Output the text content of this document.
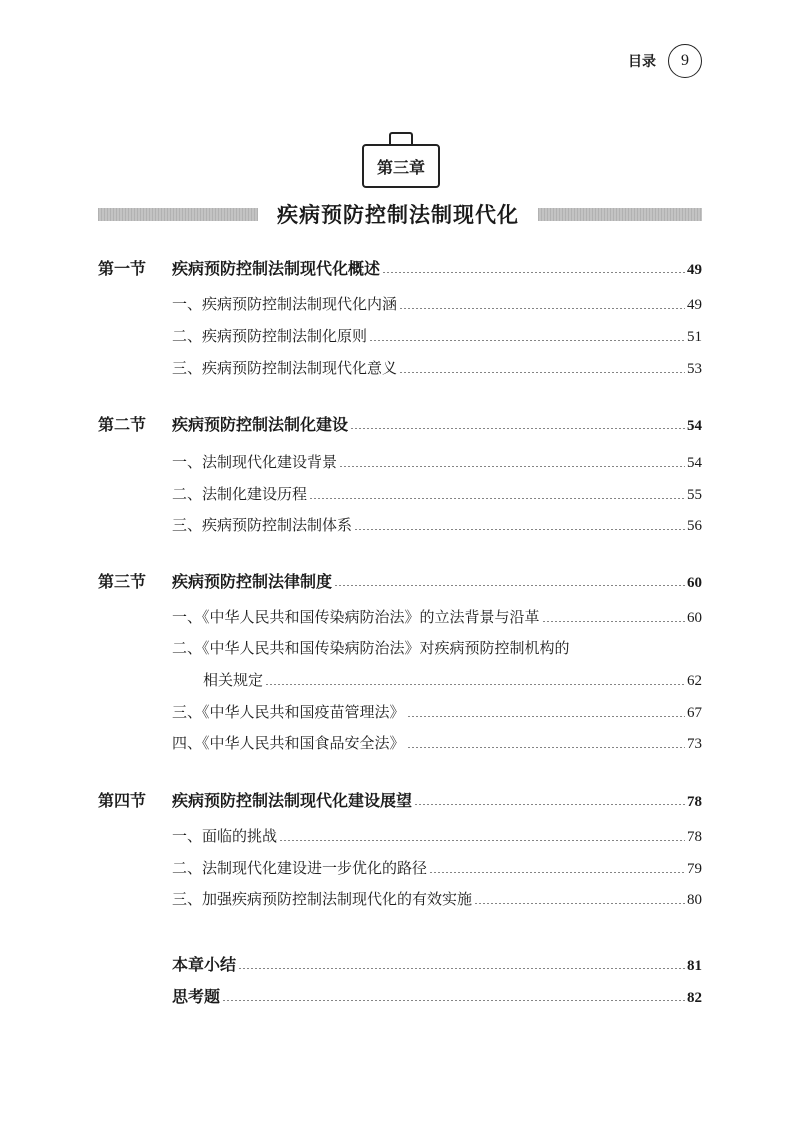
目录	9
第三章
疾病预防控制法制现代化
第一节 疾病预防控制法制现代化概述	49
一、疾病预防控制法制现代化内涵	49
二、疾病预防控制法制化原则	51
三、疾病预防控制法制现代化意义	53
第二节 疾病预防控制法制化建设	54
一、法制现代化建设背景	54
二、法制化建设历程	55
三、疾病预防控制法制体系	56
第三节 疾病预防控制法律制度	60
一、《中华人民共和国传染病防治法》的立法背景与沿革	60
二、《中华人民共和国传染病防治法》对疾病预防控制机构的
相关规定	62
三、《中华人民共和国疫苗管理法》	67
四、《中华人民共和国食品安全法》	73
第四节 疾病预防控制法制现代化建设展望	78
一、面临的挑战	78
二、法制现代化建设进一步优化的路径	79
三、加强疾病预防控制法制现代化的有效实施	80
本章小结	81
思考题	82
